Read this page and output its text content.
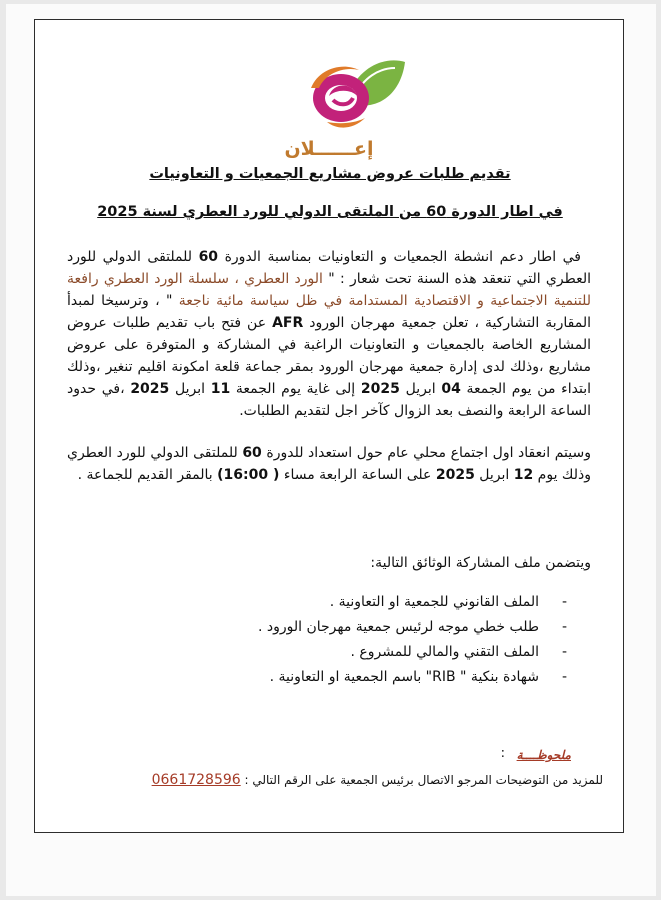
إعــــــلان
تقديم طلبات عروض مشاريع الجمعيات و التعاونيات
في اطار الدورة 60 من الملتقى الدولي للورد العطري لسنة 2025
في اطار دعم انشطة الجمعيات و التعاونيات بمناسبة الدورة 60 للملتقى الدولي للورد العطري التي تنعقد هذه السنة تحت شعار : " الورد العطري ، سلسلة الورد العطري رافعة للتنمية الاجتماعية و الاقتصادية المستدامة في ظل سياسة مائية ناجعة " ، وترسيخا لمبدأ المقاربة التشاركية ، تعلن جمعية مهرجان الورود AFR عن فتح باب تقديم طلبات عروض المشاريع الخاصة بالجمعيات و التعاونيات الراغبة في المشاركة و المتوفرة على عروض مشاريع ،وذلك لدى إدارة جمعية مهرجان الورود بمقر جماعة قلعة امكونة اقليم تنغير ،وذلك ابتداء من يوم الجمعة 04 ابريل 2025 إلى غاية يوم الجمعة 11 ابريل 2025 ،في حدود الساعة الرابعة والنصف بعد الزوال كآخر اجل لتقديم الطلبات.
وسيتم انعقاد اول اجتماع محلي عام حول استعداد للدورة 60 للملتقى الدولي للورد العطري وذلك يوم 12 ابريل 2025 على الساعة الرابعة مساء ( 16:00) بالمقر القديم للجماعة .
ويتضمن ملف المشاركة الوثائق التالية:
- الملف القانوني للجمعية او التعاونية .
- طلب خطي موجه لرئيس جمعية مهرجان الورود .
- الملف التقني والمالي للمشروع .
- شهادة بنكية " RIB" باسم الجمعية او التعاونية .
ملحوظــــة
:
للمزيد من التوضيحات المرجو الاتصال برئيس الجمعية على الرقم التالي : 0661728596
